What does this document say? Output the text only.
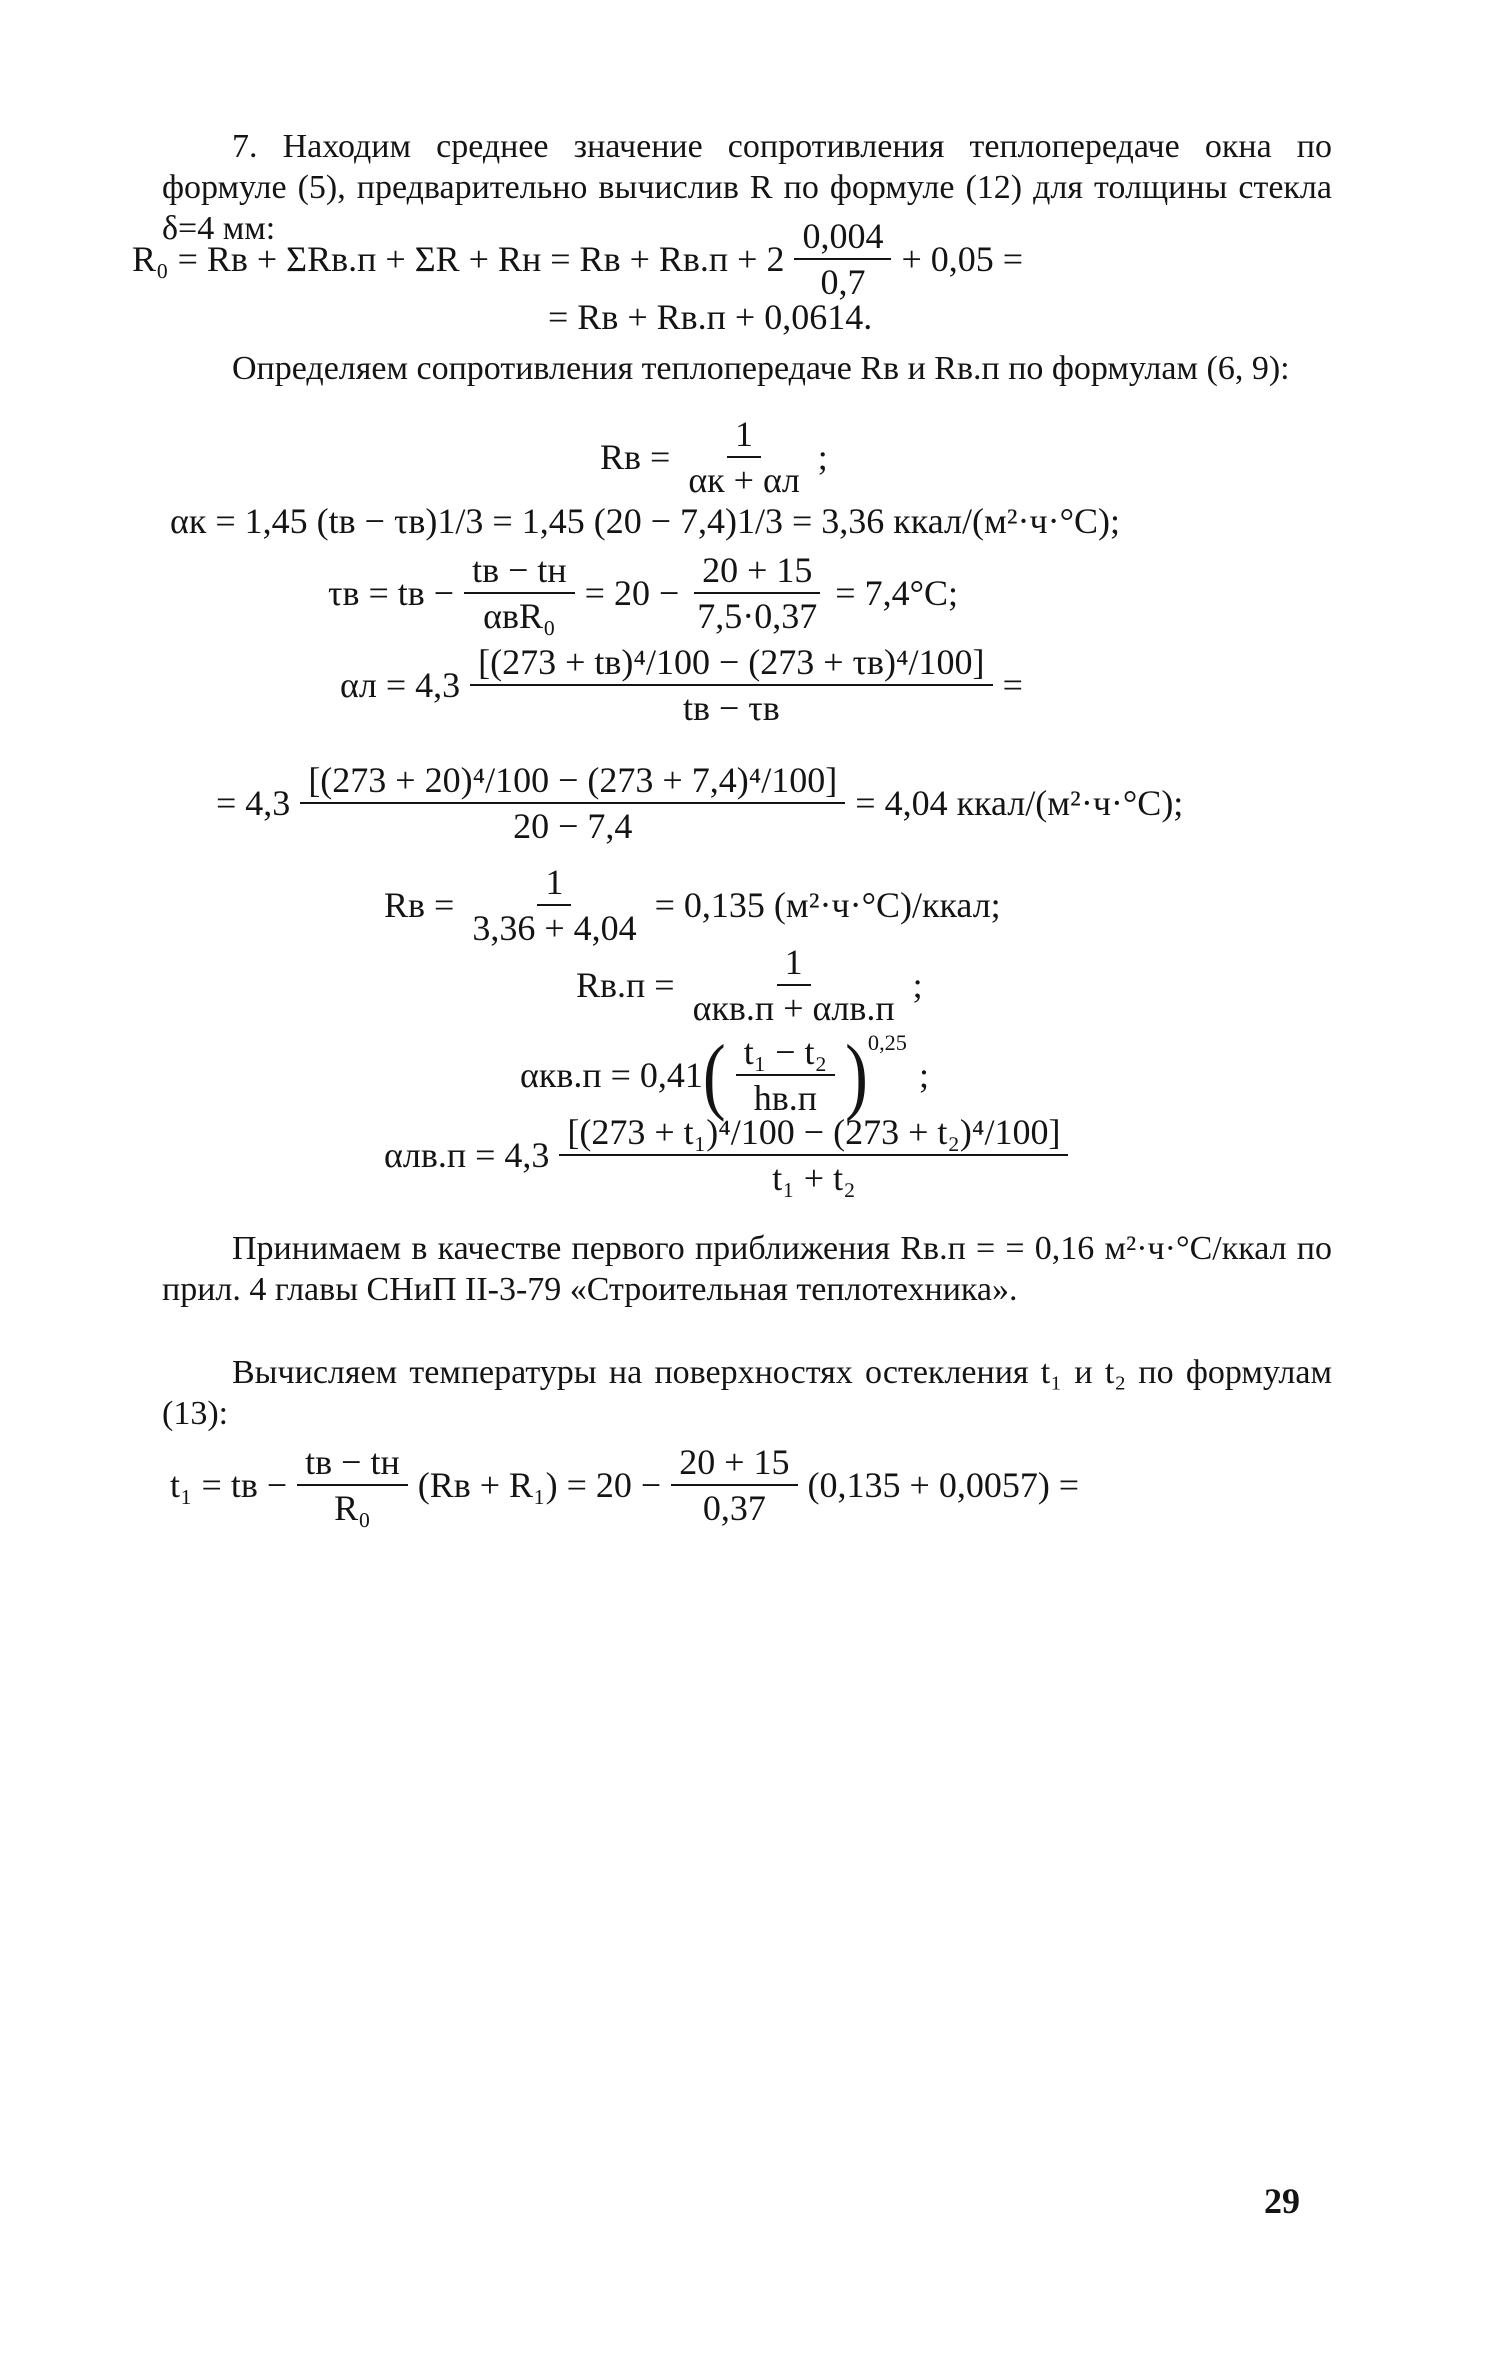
7. Находим среднее значение сопротивления теплопередаче окна по формуле (5), предварительно вычислив R по формуле (12) для толщины стекла δ=4 мм:

R₀ = Rв + ΣRв.п + ΣR + Rн = Rв + $Rв.п + 2 \frac{0,004}{0,7} + 0,05$ =
= Rв + Rв.п + 0,0614.

Определяем сопротивления теплопередаче Rв и Rв.п по формулам (6, 9):

Rв = $\frac{1}{\alpha к + \alpha л}$ ;
αк = 1,45 (tв − τв)1/3 = 1,45 (20 − 7,4)1/3 = 3,36 ккал/(м²·ч·°C);
τв = tв − $\frac{tв - tн}{\text{αвR₀}} = 20 - \frac{20 + 15}{7,5\cdot 0,37} = 7,4^\circ C$;
$\alpha л = 4,3 \frac{\text{[(273 + tв)⁴/100 − (273 + τв)⁴/100]}}{tв - \tau в}$ =
= $4,3 \frac{\text{[(273 + 20)⁴/100 − (273 + 7,4)⁴/100]}}{20 - 7,4} = 4,04$ ккал/(м²·ч·°C);
Rв = $\frac{1}{3,36 + 4,04} = 0,135$ (м²·ч·°C)/ккал;
$Rв.п = \frac{1}{\text{αкв.п + αлв.п}}$ ;
αкв.п = 0,41 ( $\frac{\text{t₁ − t₂}}{hв.п} )^{0,25}$
;
$\alpha лв.п = 4,3 \frac{\text{[(273 + t₁)⁴/100 − (273 + t₂)⁴/100]}}{\text{t₁ + t₂}}$

Принимаем в качестве первого приближения Rв.п = = 0,16 м²·ч·°С/ккал по прил. 4 главы СНиП II-3-79 «Строительная теплотехника».

Вычисляем температуры на поверхностях остекления t₁ и t₂ по формулам (13):

t₁ = tв − $\frac{tв - tн}{\text{R₀}} (Rв + R_1) = 20 - \frac{20 + 15}{0,37} (0,135 + 0,0057)$ =
29
